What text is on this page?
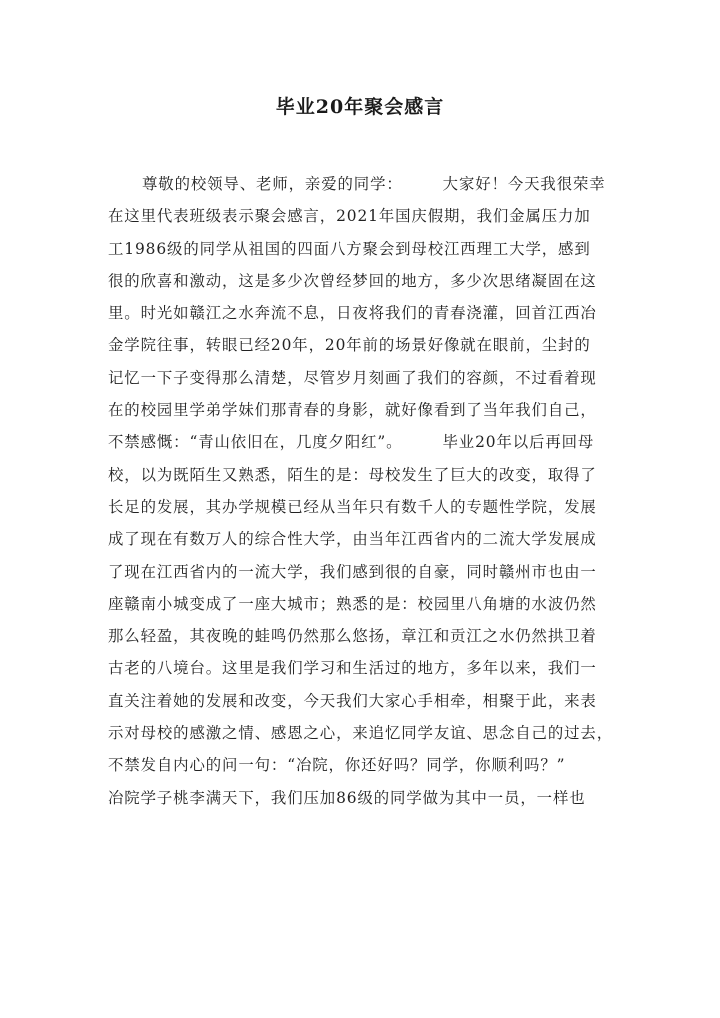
毕业20年聚会感言
尊敬的校领导、老师，亲爱的同学：	大家好！今天我很荣幸
在这里代表班级表示聚会感言，2021年国庆假期，我们金属压力加
工1986级的同学从祖国的四面八方聚会到母校江西理工大学，感到
很的欣喜和激动，这是多少次曾经梦回的地方，多少次思绪凝固在这
里。时光如赣江之水奔流不息，日夜将我们的青春浇灌，回首江西冶
金学院往事，转眼已经20年，20年前的场景好像就在眼前，尘封的
记忆一下子变得那么清楚，尽管岁月刻画了我们的容颜，不过看着现
在的校园里学弟学妹们那青春的身影，就好像看到了当年我们自己，
不禁感慨：“青山依旧在，几度夕阳红”。	毕业20年以后再回母
校，以为既陌生又熟悉，陌生的是：母校发生了巨大的改变，取得了
长足的发展，其办学规模已经从当年只有数千人的专题性学院，发展
成了现在有数万人的综合性大学，由当年江西省内的二流大学发展成
了现在江西省内的一流大学，我们感到很的自豪，同时赣州市也由一
座赣南小城变成了一座大城市；熟悉的是：校园里八角塘的水波仍然
那么轻盈，其夜晚的蛙鸣仍然那么悠扬，章江和贡江之水仍然拱卫着
古老的八境台。这里是我们学习和生活过的地方，多年以来，我们一
直关注着她的发展和改变，今天我们大家心手相牵，相聚于此，来表
示对母校的感激之情、感恩之心，来追忆同学友谊、思念自己的过去，
不禁发自内心的问一句：“冶院，你还好吗？同学，你顺利吗？”
冶院学子桃李满天下，我们压加86级的同学做为其中一员，一样也
